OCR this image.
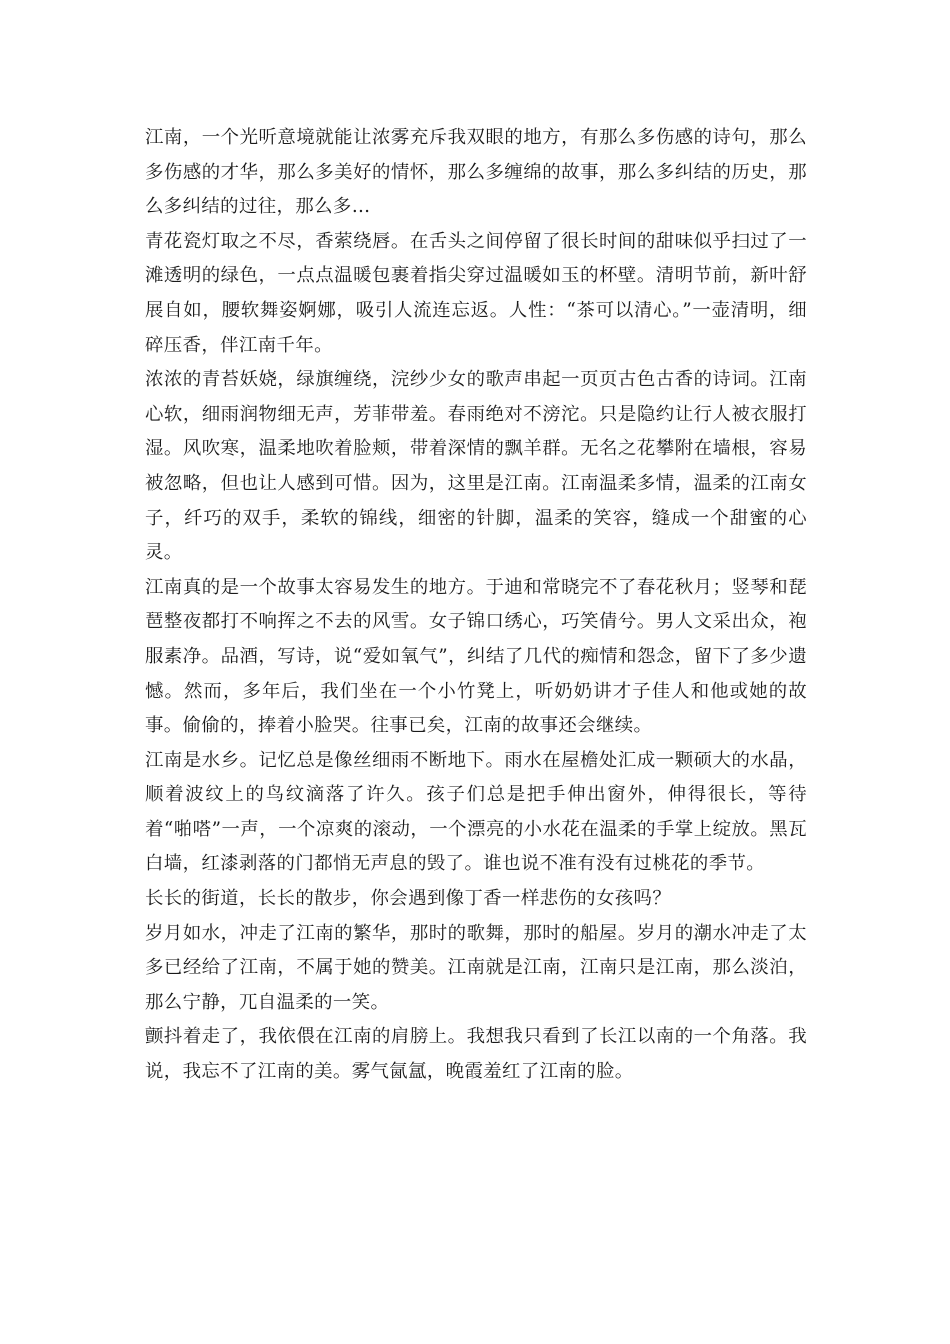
江南，一个光听意境就能让浓雾充斥我双眼的地方，有那么多伤感的诗句，那么多伤感的才华，那么多美好的情怀，那么多缠绵的故事，那么多纠结的历史，那么多纠结的过往，那么多…

青花瓷灯取之不尽，香萦绕唇。在舌头之间停留了很长时间的甜味似乎扫过了一滩透明的绿色，一点点温暖包裹着指尖穿过温暖如玉的杯壁。清明节前，新叶舒展自如，腰软舞姿婀娜，吸引人流连忘返。人性：“茶可以清心。”一壶清明，细碎压香，伴江南千年。

浓浓的青苔妖娆，绿旗缠绕，浣纱少女的歌声串起一页页古色古香的诗词。江南心软，细雨润物细无声，芳菲带羞。春雨绝对不滂沱。只是隐约让行人被衣服打湿。风吹寒，温柔地吹着脸颊，带着深情的飘羊群。无名之花攀附在墙根，容易被忽略，但也让人感到可惜。因为，这里是江南。江南温柔多情，温柔的江南女子，纤巧的双手，柔软的锦线，细密的针脚，温柔的笑容，缝成一个甜蜜的心灵。

江南真的是一个故事太容易发生的地方。于迪和常晓完不了春花秋月；竖琴和琵琶整夜都打不响挥之不去的风雪。女子锦口绣心，巧笑倩兮。男人文采出众，袍服素净。品酒，写诗，说“爱如氧气”，纠结了几代的痴情和怨念，留下了多少遗憾。然而，多年后，我们坐在一个小竹凳上，听奶奶讲才子佳人和他或她的故事。偷偷的，捧着小脸哭。往事已矣，江南的故事还会继续。

江南是水乡。记忆总是像丝细雨不断地下。雨水在屋檐处汇成一颗硕大的水晶，顺着波纹上的鸟纹滴落了许久。孩子们总是把手伸出窗外，伸得很长，等待着“啪嗒”一声，一个凉爽的滚动，一个漂亮的小水花在温柔的手掌上绽放。黑瓦白墙，红漆剥落的门都悄无声息的毁了。谁也说不准有没有过桃花的季节。

长长的街道，长长的散步，你会遇到像丁香一样悲伤的女孩吗？

岁月如水，冲走了江南的繁华，那时的歌舞，那时的船屋。岁月的潮水冲走了太多已经给了江南，不属于她的赞美。江南就是江南，江南只是江南，那么淡泊，那么宁静，兀自温柔的一笑。

颤抖着走了，我依偎在江南的肩膀上。我想我只看到了长江以南的一个角落。我说，我忘不了江南的美。雾气氤氲，晚霞羞红了江南的脸。
